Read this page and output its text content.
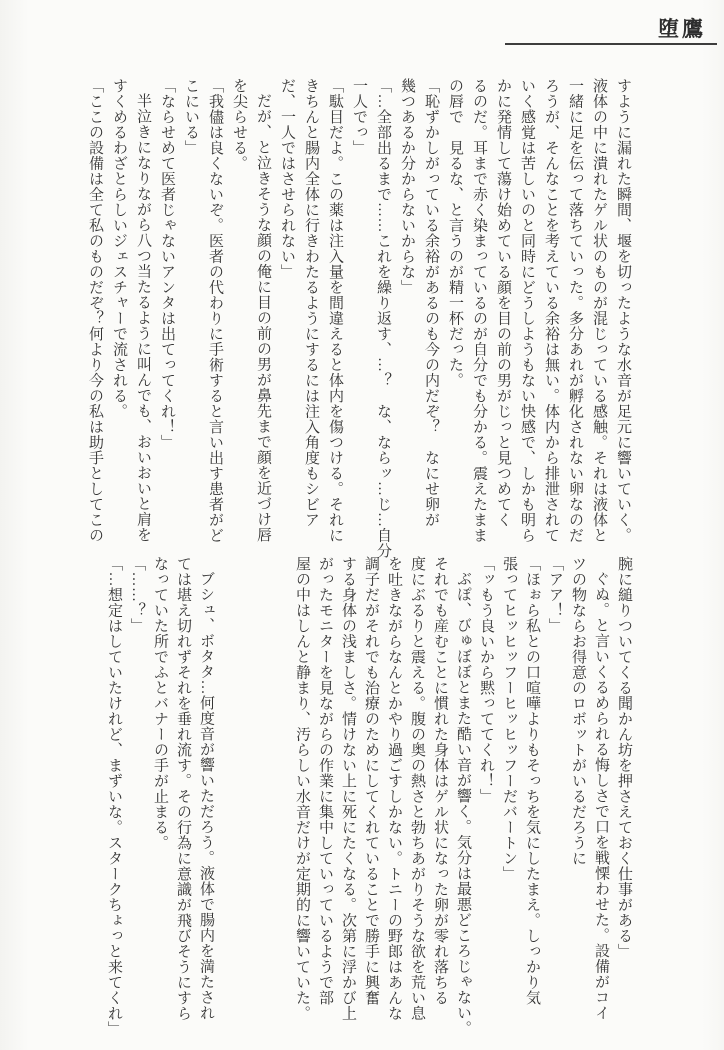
堕鷹
すように漏れた瞬間、堰を切ったような水音が足元に響いていく。
液体の中に潰れたゲル状のものが混じっている感触。それは液体と
一緒に足を伝って落ちていった。多分あれが孵化されない卵なのだ
ろうが、そんなことを考えている余裕は無い。体内から排泄されて
いく感覚は苦しいのと同時にどうしようもない快感で、しかも明ら
かに発情して蕩け始めている顔を目の前の男がじっと見つめてく
るのだ。耳まで赤く染まっているのが自分でも分かる。震えたまま
の唇で　見るな、と言うのが精一杯だった。
「恥ずかしがっている余裕があるのも今の内だぞ？　なにせ卵が
幾つあるか分からないからな」
「…全部出るまで……これを繰り返す、…？　な、ならッ…じ…自分
一人でっ」
「駄目だよ。この薬は注入量を間違えると体内を傷つける。それに
きちんと腸内全体に行きわたるようにするには注入角度もシビア
だ、一人ではさせられない」
だが、と泣きそうな顔の俺に目の前の男が鼻先まで顔を近づけ唇
を尖らせる。
「我儘は良くないぞ。医者の代わりに手術すると言い出す患者がど
こにいる」
「ならせめて医者じゃないアンタは出てってくれ！」
半泣きになりながら八つ当たるように叫んでも、おいおいと肩を
すくめるわざとらしいジェスチャーで流される。
「ここの設備は全て私のものだぞ？何より今の私は助手としてこの
腕に縋りついてくる聞かん坊を押さえておく仕事がある」
ぐぬ。と言いくるめられる悔しさで口を戦慄わせた。設備がコイ
ツの物ならお得意のロボットがいるだろうに
「アア！」
「ほぉら私との口喧嘩よりもそっちを気にしたまえ。しっかり気
張ってヒッヒッフーヒッヒッフーだバートン」
「ッもう良いから黙っててくれ！」
ぶぽ、びゅぼぼとまた酷い音が響く。気分は最悪どころじゃない。
それでも産むことに慣れた身体はゲル状になった卵が零れ落ちる
度にぶるりと震える。腹の奥の熱さと勃ちあがりそうな欲を荒い息
を吐きながらなんとかやり過ごすしかない。トニーの野郎はあんな
調子だがそれでも治療のためにしてくれていることで勝手に興奮
する身体の浅ましさ。情けない上に死にたくなる。次第に浮かび上
がったモニターを見ながらの作業に集中していっているようで部
屋の中はしんと静まり、汚らしい水音だけが定期的に響いていた。
ブシュ、ボタタ…何度音が響いただろう。液体で腸内を満たされ
ては堪え切れずそれを垂れ流す。その行為に意識が飛びそうにすら
なっていた所でふとバナーの手が止まる。
「……？」
「…想定はしていたけれど、まずいな。スタークちょっと来てくれ」
